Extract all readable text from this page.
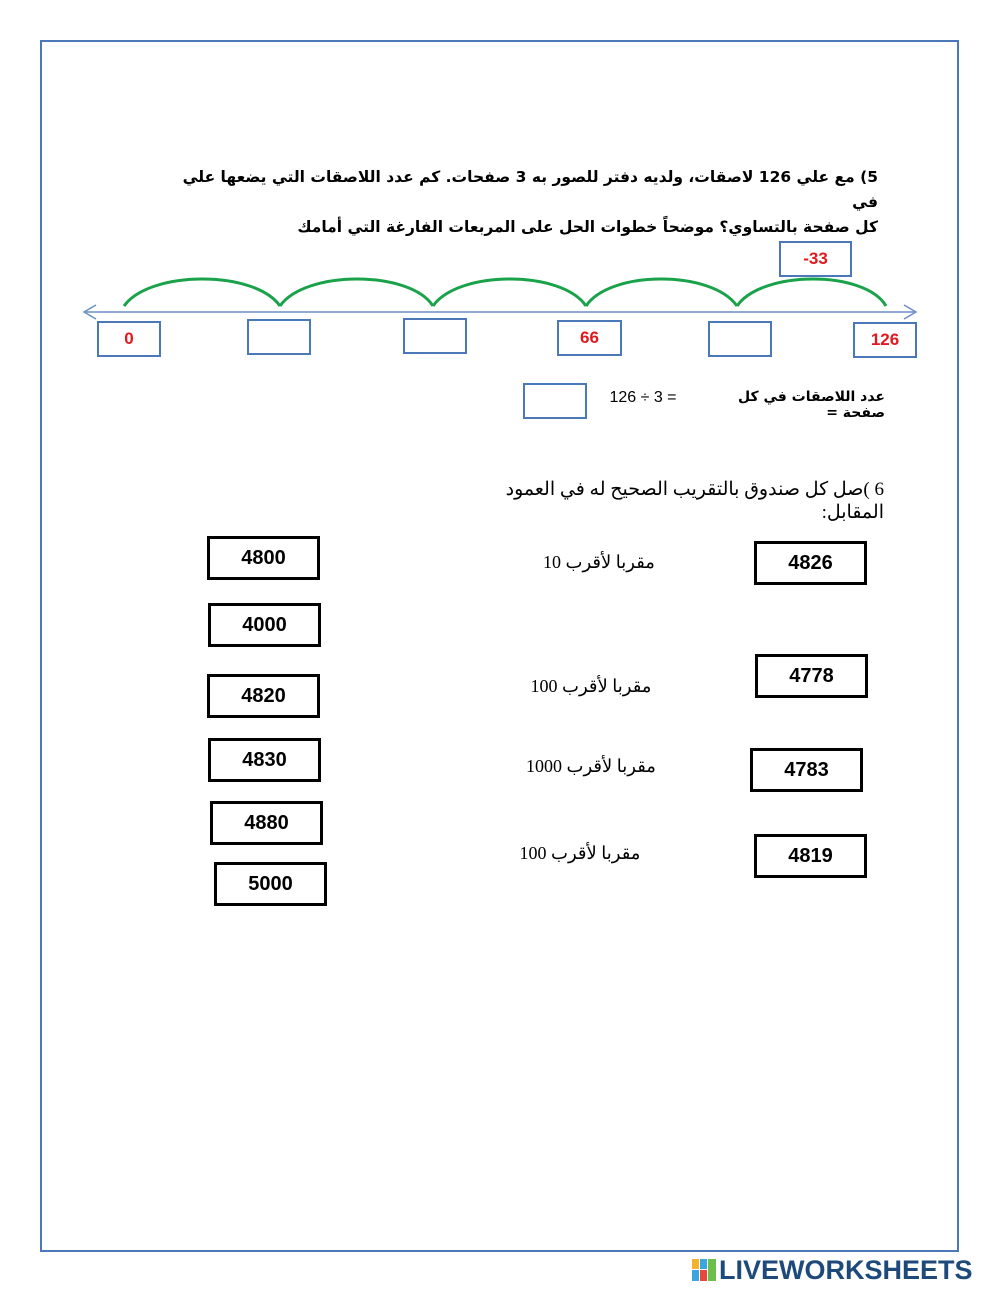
5) مع علي 126 لاصقات، ولديه دفتر للصور به 3 صفحات. كم عدد اللاصقات التي يضعها علي في
كل صفحة بالتساوي؟ موضحاً خطوات الحل على المربعات الفارغة التي أمامك
-33
0	66	126
عدد اللاصقات في كل صفحة =
126 ÷ 3 =
6 )صل كل صندوق بالتقريب الصحيح له في العمود المقابل:
4826
4778
4783
4819
مقربا لأقرب 10
مقربا لأقرب 100
مقربا لأقرب 1000
مقربا لأقرب 100
4800
4000
4820
4830
4880
5000
LIVEWORKSHEETS
